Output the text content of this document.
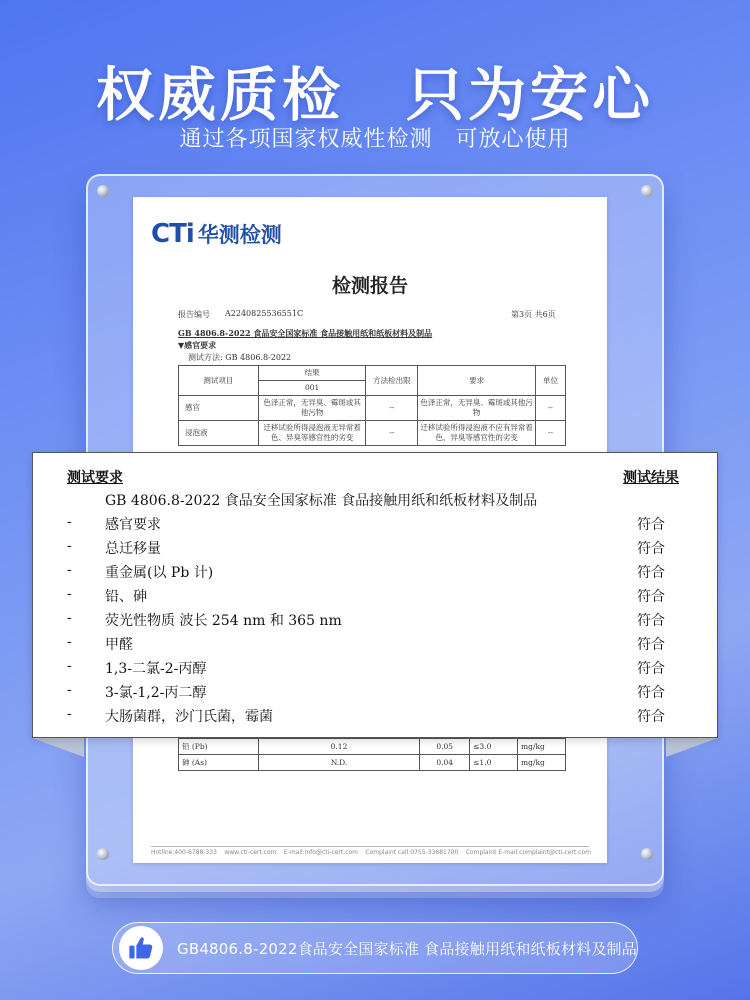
权威质检　只为安心
通过各项国家权威性检测　可放心使用
CTi 华测检测
检测报告
报告编号 A2240825536551C	第3页 共6页
GB 4806.8-2022 食品安全国家标准 食品接触用纸和纸板材料及制品
▼感官要求
测试方法: GB 4806.8-2022
测试项目	结果	方法检出限	要求	单位
	001			
感官	色泽正常，无异臭、霉斑或其他污物	--	色泽正常，无异臭、霉斑或其他污物	--
浸泡液	迁移试验所得浸泡液无异常着色、异臭等感官性的劣变	--	迁移试验所得浸泡液不应有异常着色、异臭等感官性的劣变	--
铅 (Pb)	0.12	0.05	≤3.0	mg/kg
砷 (As)	N.D.	0.04	≤1.0	mg/kg
Hotline:400-6788-333 www.cti-cert.com E-mail:info@cti-cert.com Complaint call:0755-33681700 Complaint E-mail:complaint@cti-cert.com
测试要求	测试结果
GB 4806.8-2022 食品安全国家标准 食品接触用纸和纸板材料及制品
- 感官要求	符合
- 总迁移量	符合
- 重金属(以 Pb 计)	符合
- 铅、砷	符合
- 荧光性物质 波长 254 nm 和 365 nm	符合
- 甲醛	符合
- 1,3-二氯-2-丙醇	符合
- 3-氯-1,2-丙二醇	符合
- 大肠菌群，沙门氏菌，霉菌	符合
GB4806.8-2022食品安全国家标准 食品接触用纸和纸板材料及制品
